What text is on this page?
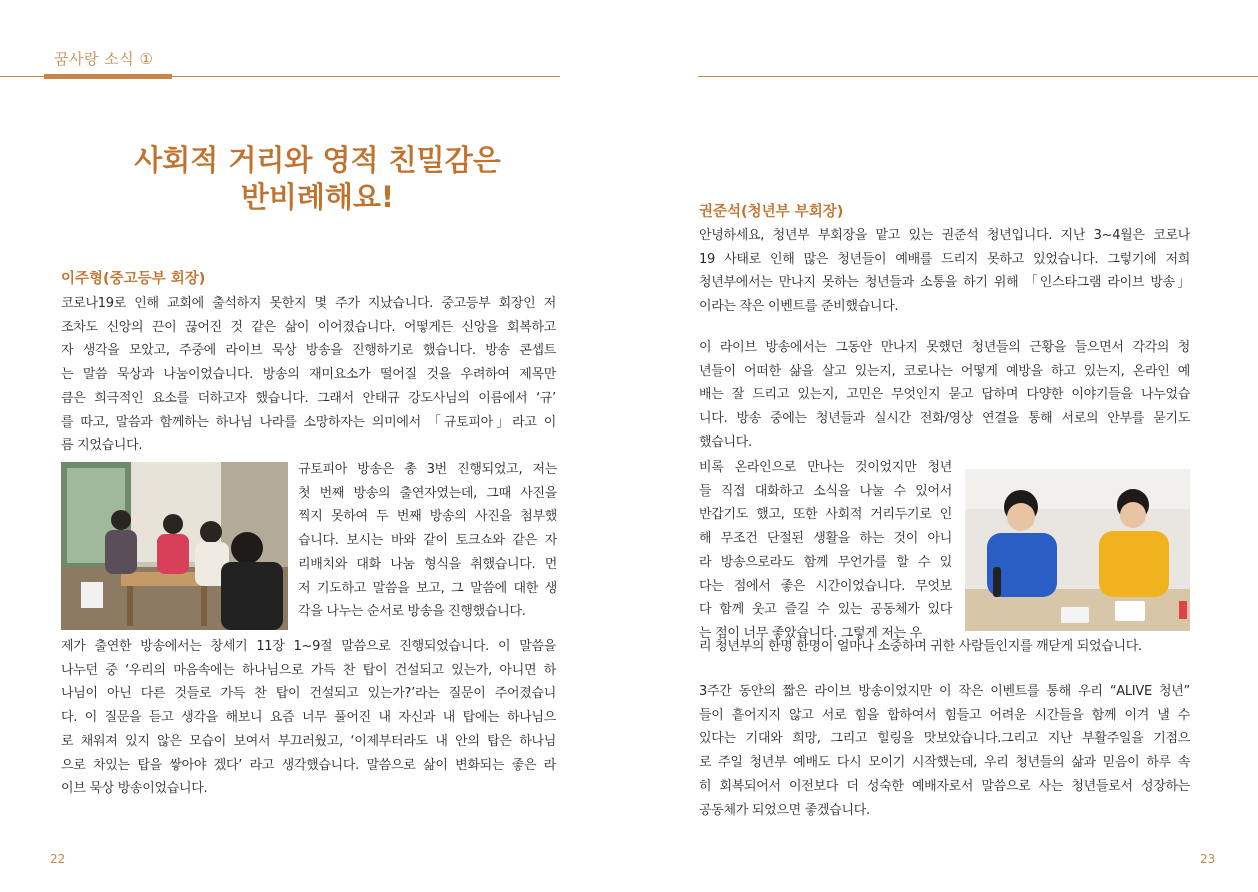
꿈사랑 소식 ①
사회적 거리와 영적 친밀감은
반비례해요!
이주형(중고등부 회장)
코로나19로 인해 교회에 출석하지 못한지 몇 주가 지났습니다. 중고등부 회장인 저
조차도 신앙의 끈이 끊어진 것 같은 삶이 이어졌습니다. 어떻게든 신앙을 회복하고
자 생각을 모았고, 주중에 라이브 묵상 방송을 진행하기로 했습니다. 방송 콘셉트
는 말씀 묵상과 나눔이었습니다. 방송의 재미요소가 떨어질 것을 우려하여 제목만
큼은 희극적인 요소를 더하고자 했습니다. 그래서 안태규 강도사님의 이름에서 ‘규’
를 따고, 말씀과 함께하는 하나님 나라를 소망하자는 의미에서 「규토피아」라고 이
름 지었습니다.
규토피아 방송은 총 3번 진행되었고, 저는
첫 번째 방송의 출연자였는데, 그때 사진을
찍지 못하여 두 번째 방송의 사진을 첨부했
습니다. 보시는 바와 같이 토크쇼와 같은 자
리배치와 대화 나눔 형식을 취했습니다. 먼
저 기도하고 말씀을 보고, 그 말씀에 대한 생
각을 나누는 순서로 방송을 진행했습니다.
제가 출연한 방송에서는 창세기 11장 1~9절 말씀으로 진행되었습니다. 이 말씀을
나누던 중 ‘우리의 마음속에는 하나님으로 가득 찬 탑이 건설되고 있는가, 아니면 하
나님이 아닌 다른 것들로 가득 찬 탑이 건설되고 있는가?’라는 질문이 주어졌습니
다. 이 질문을 듣고 생각을 해보니 요즘 너무 풀어진 내 자신과 내 탑에는 하나님으
로 채워져 있지 않은 모습이 보여서 부끄러웠고, ‘이제부터라도 내 안의 탑은 하나님
으로 차있는 탑을 쌓아야 겠다’ 라고 생각했습니다. 말씀으로 삶이 변화되는 좋은 라
이브 묵상 방송이었습니다.
22
권준석(청년부 부회장)
안녕하세요, 청년부 부회장을 맡고 있는 권준석 청년입니다. 지난 3~4월은 코로나
19 사태로 인해 많은 청년들이 예배를 드리지 못하고 있었습니다. 그렇기에 저희
청년부에서는 만나지 못하는 청년들과 소통을 하기 위해 「인스타그램 라이브 방송」
이라는 작은 이벤트를 준비했습니다.
이 라이브 방송에서는 그동안 만나지 못했던 청년들의 근황을 들으면서 각각의 청
년들이 어떠한 삶을 살고 있는지, 코로나는 어떻게 예방을 하고 있는지, 온라인 예
배는 잘 드리고 있는지, 고민은 무엇인지 묻고 답하며 다양한 이야기들을 나누었습
니다. 방송 중에는 청년들과 실시간 전화/영상 연결을 통해 서로의 안부를 묻기도
했습니다.
비록 온라인으로 만나는 것이었지만 청년
들 직접 대화하고 소식을 나눌 수 있어서
반갑기도 했고, 또한 사회적 거리두기로 인
해 무조건 단절된 생활을 하는 것이 아니
라 방송으로라도 함께 무언가를 할 수 있
다는 점에서 좋은 시간이었습니다. 무엇보
다 함께 웃고 즐길 수 있는 공동체가 있다
는 점이 너무 좋았습니다. 그렇게 저는 우
리 청년부의 한명 한명이 얼마나 소중하며 귀한 사람들인지를 깨닫게 되었습니다.
3주간 동안의 짧은 라이브 방송이었지만 이 작은 이벤트를 통해 우리 “ALIVE 청년”
들이 흩어지지 않고 서로 힘을 합하여서 힘들고 어려운 시간들을 함께 이겨 낼 수
있다는 기대와 희망, 그리고 힐링을 맛보았습니다.그리고 지난 부활주일을 기점으
로 주일 청년부 예배도 다시 모이기 시작했는데, 우리 청년들의 삶과 믿음이 하루 속
히 회복되어서 이전보다 더 성숙한 예배자로서 말씀으로 사는 청년들로서 성장하는
공동체가 되었으면 좋겠습니다.
23
